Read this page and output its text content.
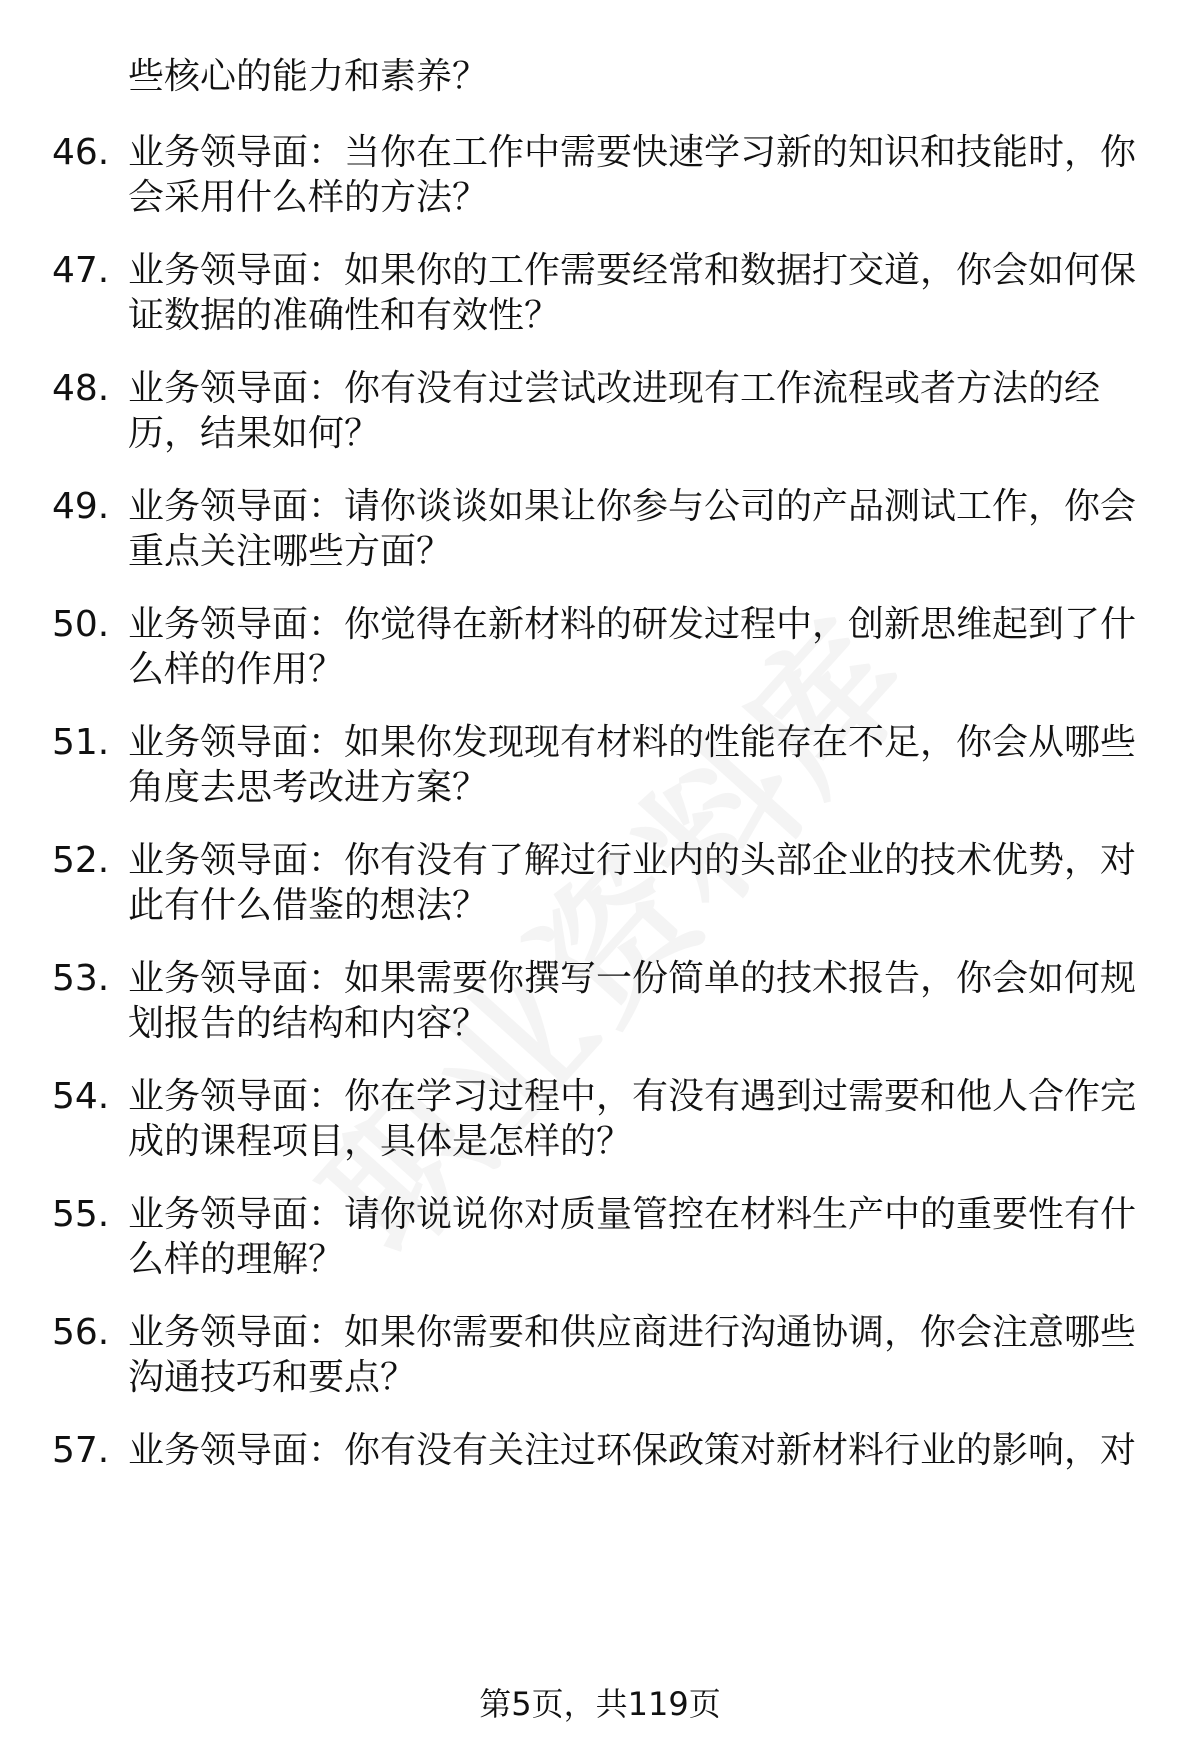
些核心的能力和素养？
46. 业务领导面：当你在工作中需要快速学习新的知识和技能时，你
会采用什么样的方法？
47. 业务领导面：如果你的工作需要经常和数据打交道，你会如何保
证数据的准确性和有效性？
48. 业务领导面：你有没有过尝试改进现有工作流程或者方法的经
历，结果如何？
49. 业务领导面：请你谈谈如果让你参与公司的产品测试工作，你会
重点关注哪些方面？
50. 业务领导面：你觉得在新材料的研发过程中，创新思维起到了什
么样的作用？
51. 业务领导面：如果你发现现有材料的性能存在不足，你会从哪些
角度去思考改进方案？
52. 业务领导面：你有没有了解过行业内的头部企业的技术优势，对
此有什么借鉴的想法？
53. 业务领导面：如果需要你撰写一份简单的技术报告，你会如何规
划报告的结构和内容？
54. 业务领导面：你在学习过程中，有没有遇到过需要和他人合作完
成的课程项目，具体是怎样的？
55. 业务领导面：请你说说你对质量管控在材料生产中的重要性有什
么样的理解？
56. 业务领导面：如果你需要和供应商进行沟通协调，你会注意哪些
沟通技巧和要点？
57. 业务领导面：你有没有关注过环保政策对新材料行业的影响，对
第5页，共119页
